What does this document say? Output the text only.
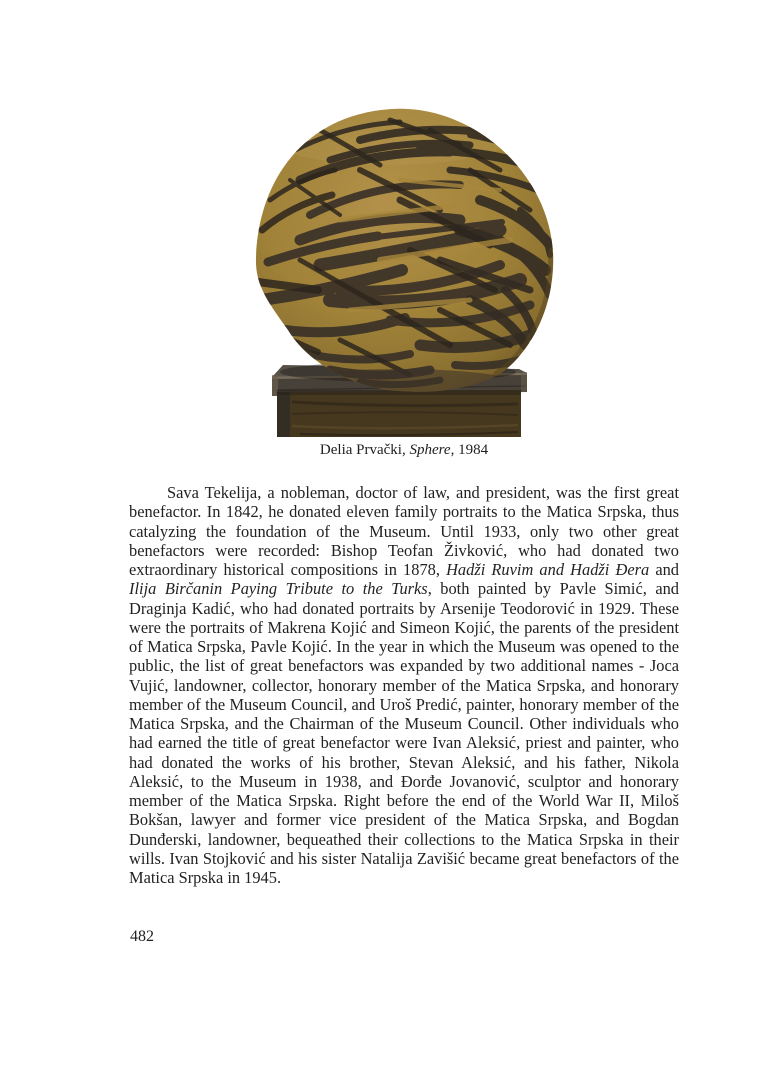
Delia Prvački, Sphere, 1984

Sava Tekelija, a nobleman, doctor of law, and president, was the first great benefactor. In 1842, he donated eleven family portraits to the Matica Srpska, thus catalyzing the foundation of the Museum. Until 1933, only two other great benefactors were recorded: Bishop Teofan Živković, who had donated two extraordinary historical compositions in 1878, Hadži Ruvim and Hadži Đera and Ilija Birčanin Paying Tribute to the Turks, both painted by Pavle Simić, and Draginja Kadić, who had donated portraits by Arsenije Teodorović in 1929. These were the portraits of Makrena Kojić and Simeon Kojić, the parents of the president of Matica Srpska, Pavle Kojić. In the year in which the Museum was opened to the public, the list of great benefactors was expanded by two additional names - Joca Vujić, landowner, collector, honorary member of the Matica Srpska, and honorary member of the Museum Council, and Uroš Predić, painter, honorary member of the Matica Srpska, and the Chairman of the Museum Council. Other individuals who had earned the title of great benefactor were Ivan Aleksić, priest and painter, who had donated the works of his brother, Stevan Aleksić, and his father, Nikola Aleksić, to the Museum in 1938, and Đorđe Jovanović, sculptor and honorary member of the Matica Srpska. Right before the end of the World War II, Miloš Bokšan, lawyer and former vice president of the Matica Srpska, and Bogdan Dunđerski, landowner, bequeathed their collections to the Matica Srpska in their wills. Ivan Stojković and his sister Natalija Zavišić became great benefactors of the Matica Srpska in 1945.

482
